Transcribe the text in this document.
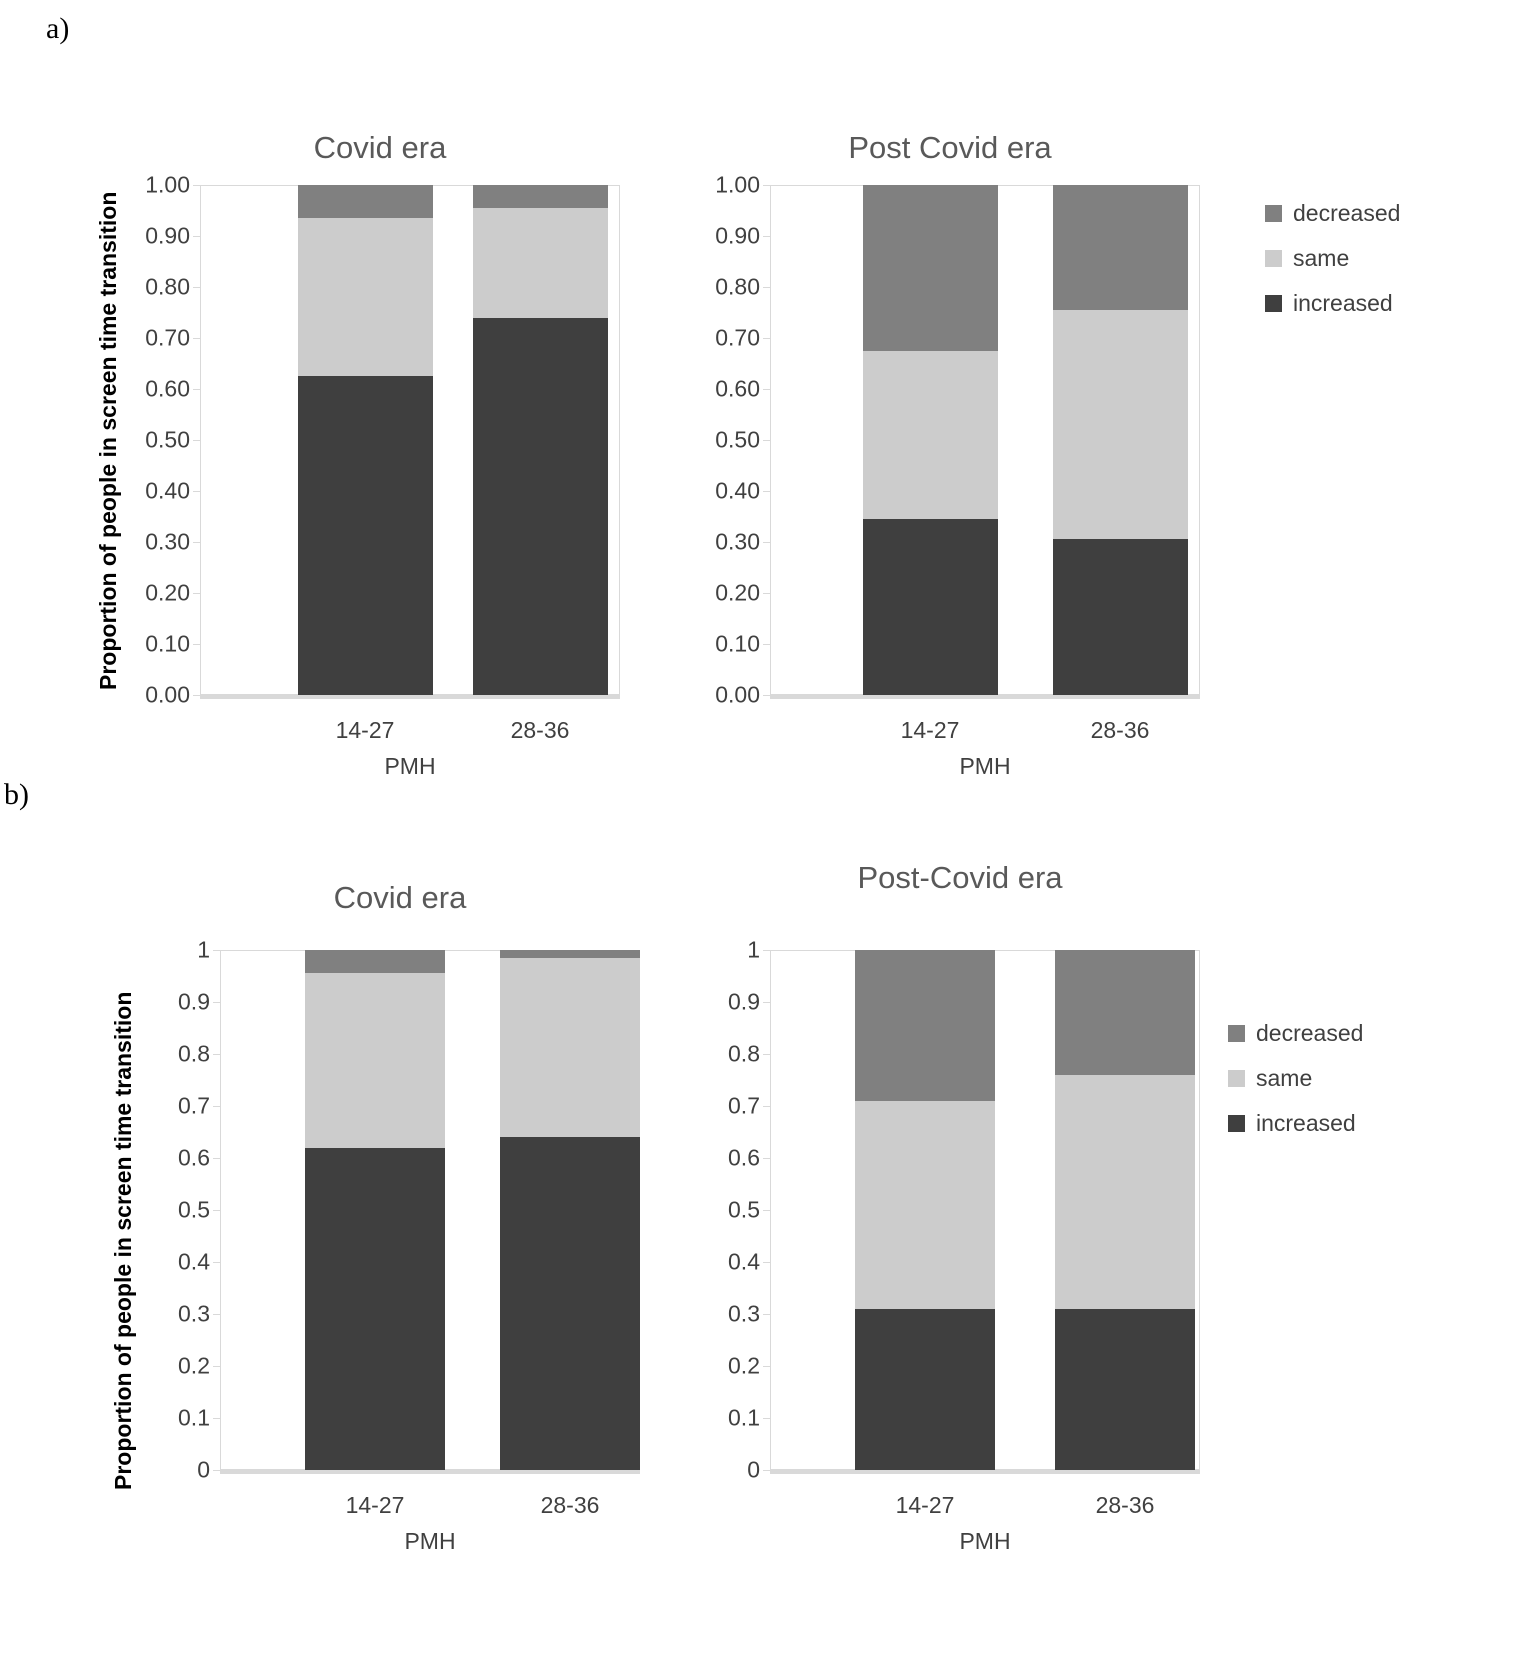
a)
b)
Proportion of people in screen time transition
Covid era
0.00
0.10
0.20
0.30
0.40
0.50
0.60
0.70
0.80
0.90
1.00
14-27	28-36
PMH
Post Covid era
0.00
0.10
0.20
0.30
0.40
0.50
0.60
0.70
0.80
0.90
1.00
14-27	28-36
PMH
decreased
same
increased
Proportion of people in screen time transition
Covid era
0
0.1
0.2
0.3
0.4
0.5
0.6
0.7
0.8
0.9
1
14-27	28-36
PMH
Post-Covid era
0
0.1
0.2
0.3
0.4
0.5
0.6
0.7
0.8
0.9
1
14-27	28-36
PMH
decreased
same
increased
